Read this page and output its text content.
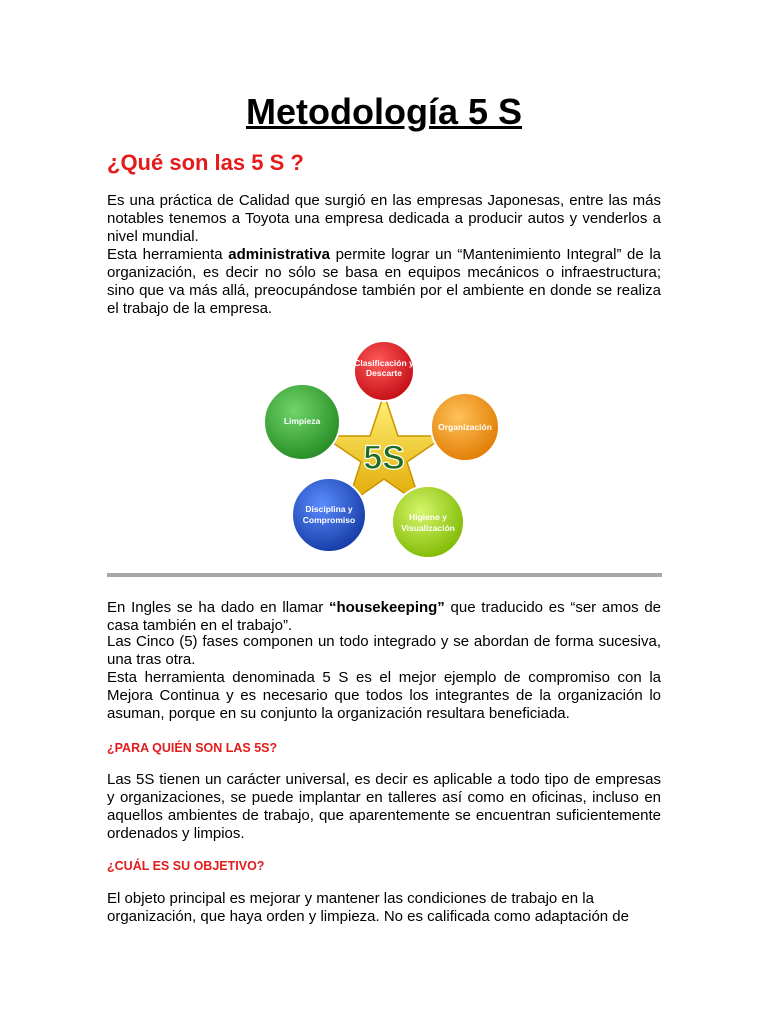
Metodología 5 S
¿Qué son las 5 S ?
Es una práctica de Calidad que surgió en las empresas Japonesas, entre las más
notables tenemos a Toyota una empresa dedicada a producir autos y venderlos a
nivel mundial.
Esta herramienta administrativa permite lograr un “Mantenimiento Integral” de la organización, es decir no sólo se basa en equipos mecánicos o infraestructura; sino que va más allá, preocupándose también por el ambiente en donde se realiza el trabajo de la empresa.
5S
Clasificación y
Descarte
Organización
Higiene y
Visualización
Disciplina y
Compromiso
Limpieza
En Ingles se ha dado en llamar “housekeeping” que traducido es “ser amos de casa también en el trabajo”.
Las Cinco (5) fases componen un todo integrado y se abordan de forma sucesiva, una tras otra.
Esta herramienta denominada 5 S es el mejor ejemplo de compromiso con la Mejora Continua y es necesario que todos los integrantes de la organización lo asuman, porque en su conjunto la organización resultara beneficiada.
¿PARA QUIÉN SON LAS 5S?
Las 5S tienen un carácter universal, es decir es aplicable a todo tipo de empresas y organizaciones, se puede implantar en talleres así como en oficinas, incluso en aquellos ambientes de trabajo, que aparentemente se encuentran suficientemente ordenados y limpios.
¿CUÁL ES SU OBJETIVO?
El objeto principal es mejorar y mantener las condiciones de trabajo en la organización, que haya orden y limpieza. No es calificada como adaptación de
